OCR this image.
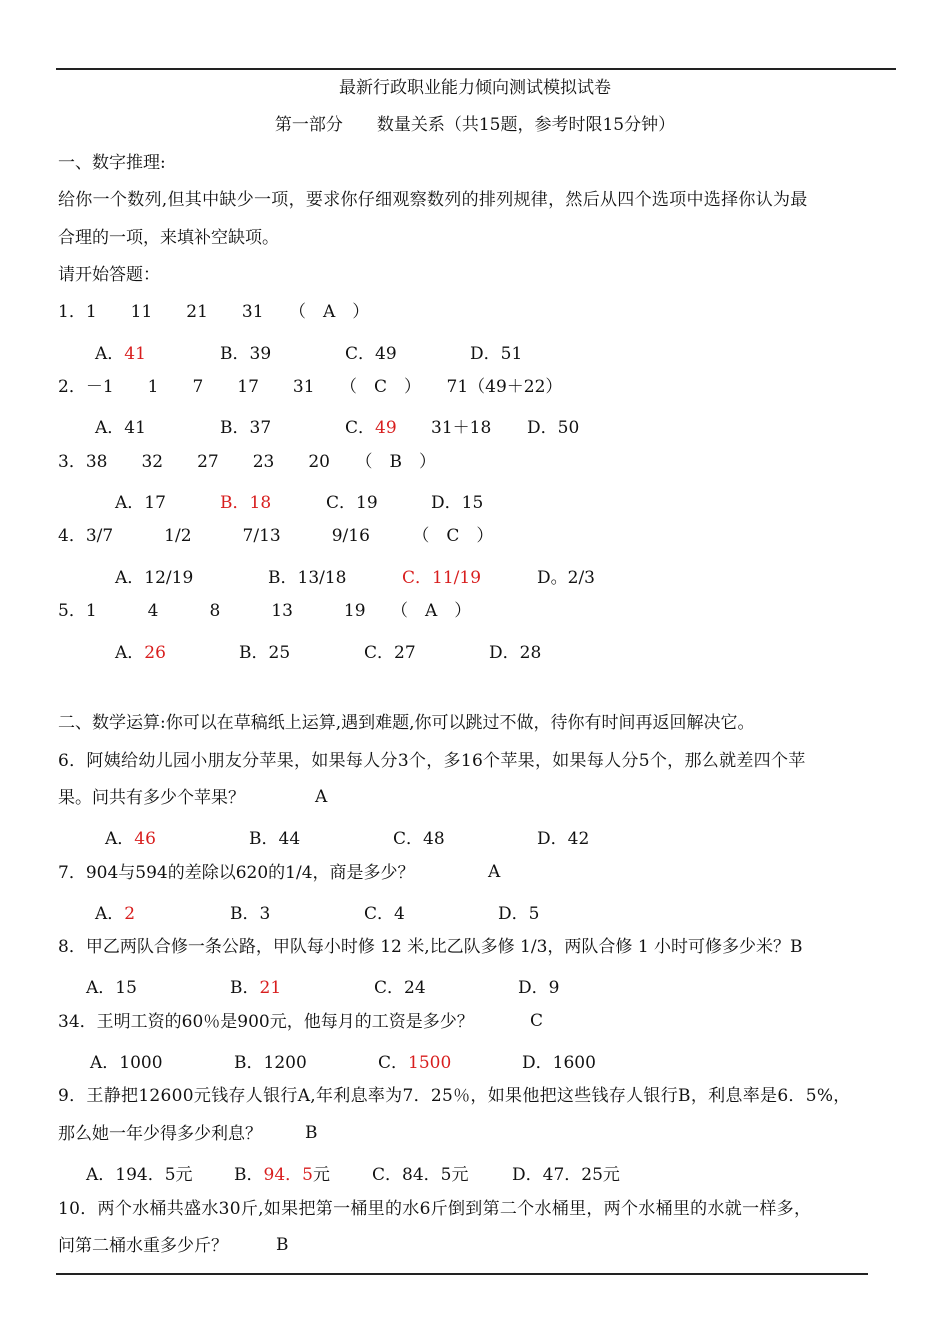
最新行政职业能力倾向测试模拟试卷
第一部分　　数量关系（共15题，参考时限15分钟）
一、数字推理:
给你一个数列,但其中缺少一项，要求你仔细观察数列的排列规律，然后从四个选项中选择你认为最
合理的一项，来填补空缺项。
请开始答题：
1．1　　11　　21　　31　　（　A　）
A．41	B．39	C．49	D．51
2．－1　　1　　7　　17　　31　　（　C　）　　71（49＋22）
A．41	B．37	C．49 31＋18 D．50
3．38　　32　　27　　23　　20　　（　B　）
A．17	B．18	C．19	D．15
4．3/7　　　1/2　　　7/13　　　9/16　　　（　C　）
A．12/19	B．13/18	C．11/19	D。2/3
5．1　　　4　　　8　　　13　　　19　　（　A　）
A．26	B．25	C．27	D．28
二、数学运算:你可以在草稿纸上运算,遇到难题,你可以跳过不做，待你有时间再返回解决它。
6．阿姨给幼儿园小朋友分苹果，如果每人分3个，多16个苹果，如果每人分5个，那么就差四个苹
果。问共有多少个苹果？	A
A．46	B．44	C．48	D．42
7．904与594的差除以620的1/4，商是多少？	A
A．2	B．3	C．4	D．5
8．甲乙两队合修一条公路，甲队每小时修 12 米,比乙队多修 1/3，两队合修 1 小时可修多少米？B
A．15	B．21	C．24	D．9
34．王明工资的60％是900元，他每月的工资是多少？	C
A．1000	B．1200	C．1500	D．1600
9．王静把12600元钱存人银行A,年利息率为7．25％，如果他把这些钱存人银行B，利息率是6．5%，
那么她一年少得多少利息？	B
A．194．5元 B．94．5元 C．84．5元	D．47．25元
10．两个水桶共盛水30斤,如果把第一桶里的水6斤倒到第二个水桶里，两个水桶里的水就一样多，
问第二桶水重多少斤？	B
